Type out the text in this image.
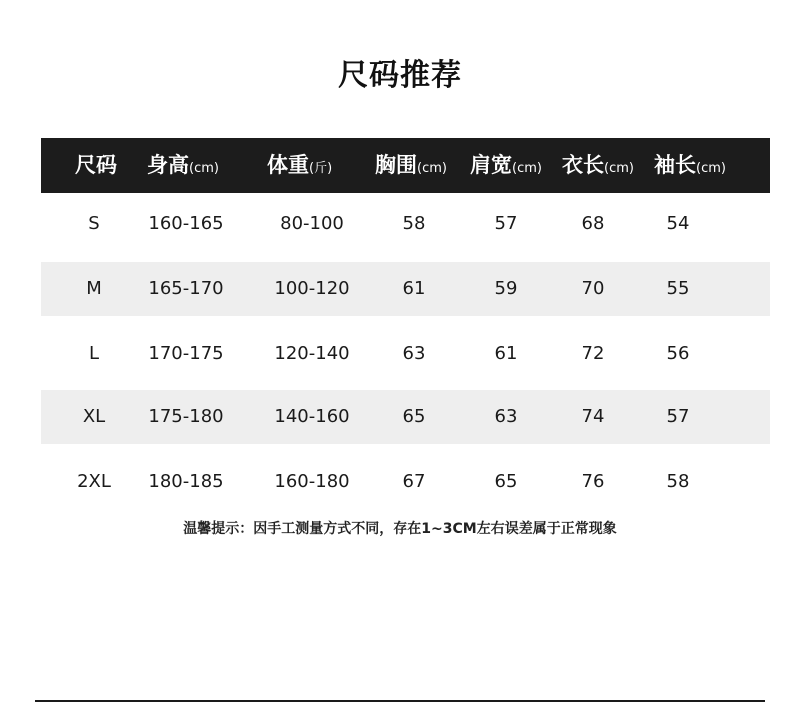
尺码推荐
尺码 身高(cm) 体重(斤) 胸围(cm) 肩宽(cm) 衣长(cm) 袖长(cm)
S	160-165	80-100	58	57	68	54
M	165-170	100-120	61	59	70	55
L	170-175	120-140	63	61	72	56
XL 175-180	140-160	65	63	74	57
2XL 180-185	160-180	67	65	76	58
温馨提示：因手工测量方式不同，存在1~3CM左右误差属于正常现象
